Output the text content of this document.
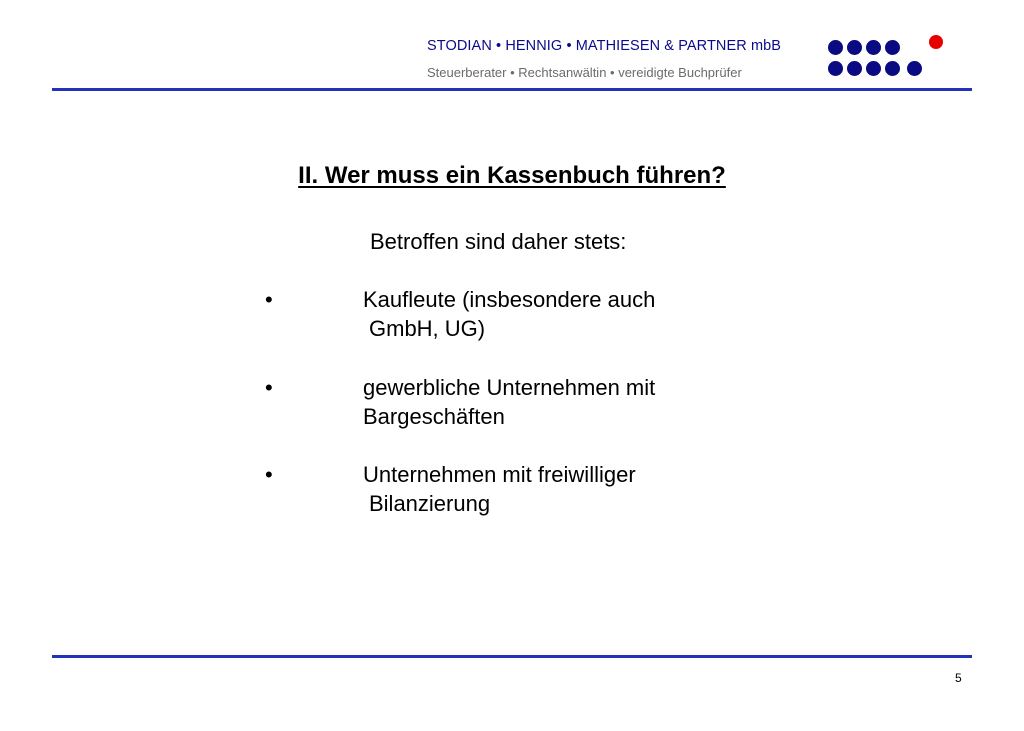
STODIAN • HENNIG • MATHIESEN & PARTNER mbB
Steuerberater • Rechtsanwältin • vereidigte Buchprüfer
II. Wer muss ein Kassenbuch führen?
Betroffen sind daher stets:
•	Kaufleute (insbesondere auch
GmbH, UG)
•	gewerbliche Unternehmen mit
Bargeschäften
•	Unternehmen mit freiwilliger
Bilanzierung
5
